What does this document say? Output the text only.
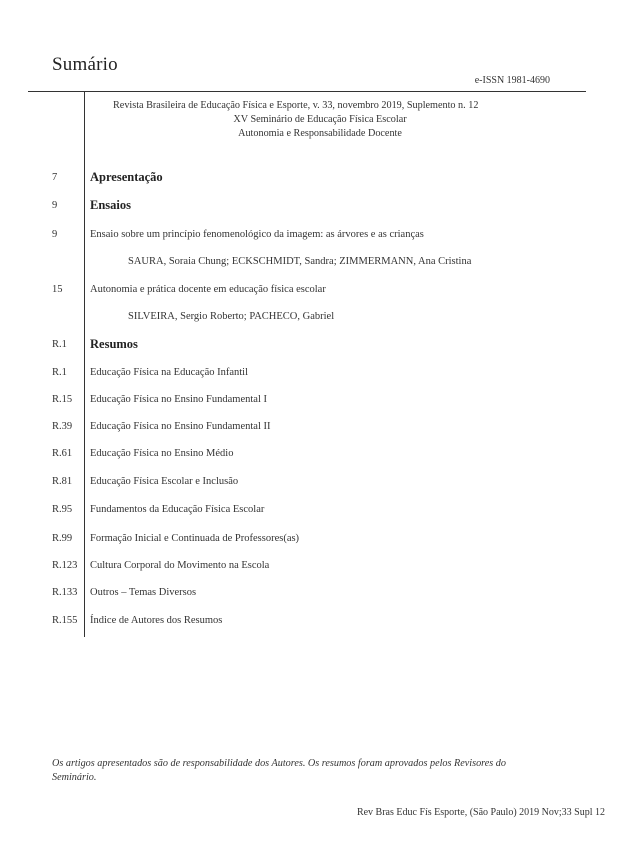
Sumário
e-ISSN 1981-4690
Revista Brasileira de Educação Física e Esporte, v. 33, novembro 2019, Suplemento n. 12
XV Seminário de Educação Física Escolar
Autonomia e Responsabilidade Docente
7	Apresentação
9	Ensaios
9	Ensaio sobre um princípio fenomenológico da imagem: as árvores e as crianças
SAURA, Soraia Chung; ECKSCHMIDT, Sandra; ZIMMERMANN, Ana Cristina
15	Autonomia e prática docente em educação física escolar
SILVEIRA, Sergio Roberto; PACHECO, Gabriel
R.1 Resumos
R.1 Educação Física na Educação Infantil
R.15 Educação Física no Ensino Fundamental I
R.39 Educação Física no Ensino Fundamental II
R.61 Educação Física no Ensino Médio
R.81 Educação Física Escolar e Inclusão
R.95 Fundamentos da Educação Física Escolar
R.99 Formação Inicial e Continuada de Professores(as)
R.123 Cultura Corporal do Movimento na Escola
R.133 Outros – Temas Diversos
R.155 Índice de Autores dos Resumos
Os artigos apresentados são de responsabilidade dos Autores. Os resumos foram aprovados pelos Revisores do Seminário.
Rev Bras Educ Fís Esporte, (São Paulo) 2019 Nov;33 Supl 12
